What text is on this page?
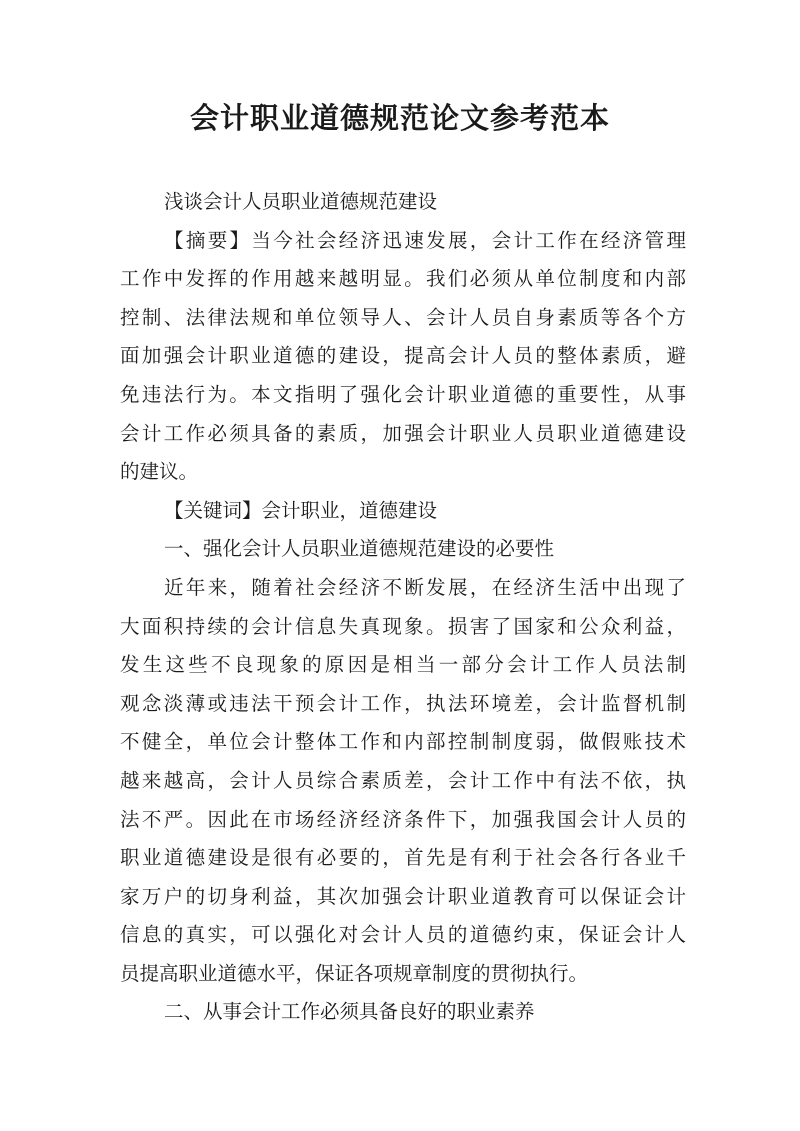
会计职业道德规范论文参考范本
浅谈会计人员职业道德规范建设
【摘要】当今社会经济迅速发展，会计工作在经济管理
工作中发挥的作用越来越明显。我们必须从单位制度和内部
控制、法律法规和单位领导人、会计人员自身素质等各个方
面加强会计职业道德的建设，提高会计人员的整体素质，避
免违法行为。本文指明了强化会计职业道德的重要性，从事
会计工作必须具备的素质，加强会计职业人员职业道德建设
的建议。
【关键词】会计职业，道德建设
一、强化会计人员职业道德规范建设的必要性
近年来，随着社会经济不断发展，在经济生活中出现了
大面积持续的会计信息失真现象。损害了国家和公众利益，
发生这些不良现象的原因是相当一部分会计工作人员法制
观念淡薄或违法干预会计工作，执法环境差，会计监督机制
不健全，单位会计整体工作和内部控制制度弱，做假账技术
越来越高，会计人员综合素质差，会计工作中有法不依，执
法不严。因此在市场经济经济条件下，加强我国会计人员的
职业道德建设是很有必要的，首先是有利于社会各行各业千
家万户的切身利益，其次加强会计职业道教育可以保证会计
信息的真实，可以强化对会计人员的道德约束，保证会计人
员提高职业道德水平，保证各项规章制度的贯彻执行。
二、从事会计工作必须具备良好的职业素养
